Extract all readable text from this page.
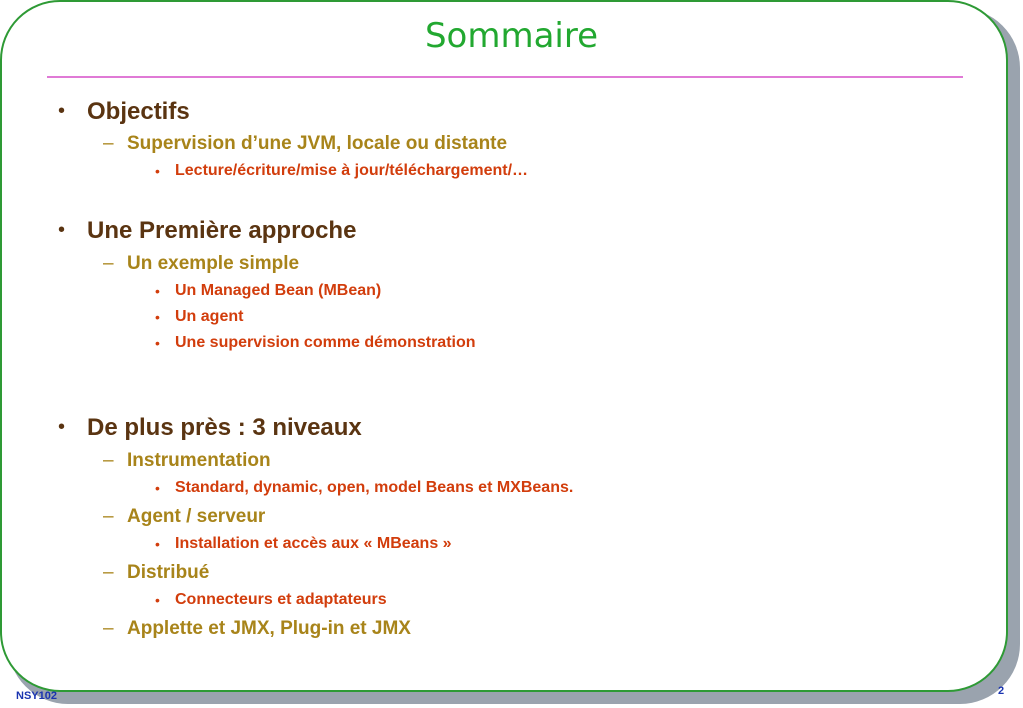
Sommaire
• Objectifs
– Supervision d’une JVM, locale ou distante
• Lecture/écriture/mise à jour/téléchargement/…
• Une Première approche
– Un exemple simple
• Un Managed Bean (MBean)
• Un agent
• Une supervision comme démonstration
• De plus près : 3 niveaux
– Instrumentation
• Standard, dynamic, open, model Beans et MXBeans.
– Agent / serveur
• Installation et accès aux « MBeans »
– Distribué
• Connecteurs et adaptateurs
– Applette et JMX, Plug-in et JMX
NSY102	2
